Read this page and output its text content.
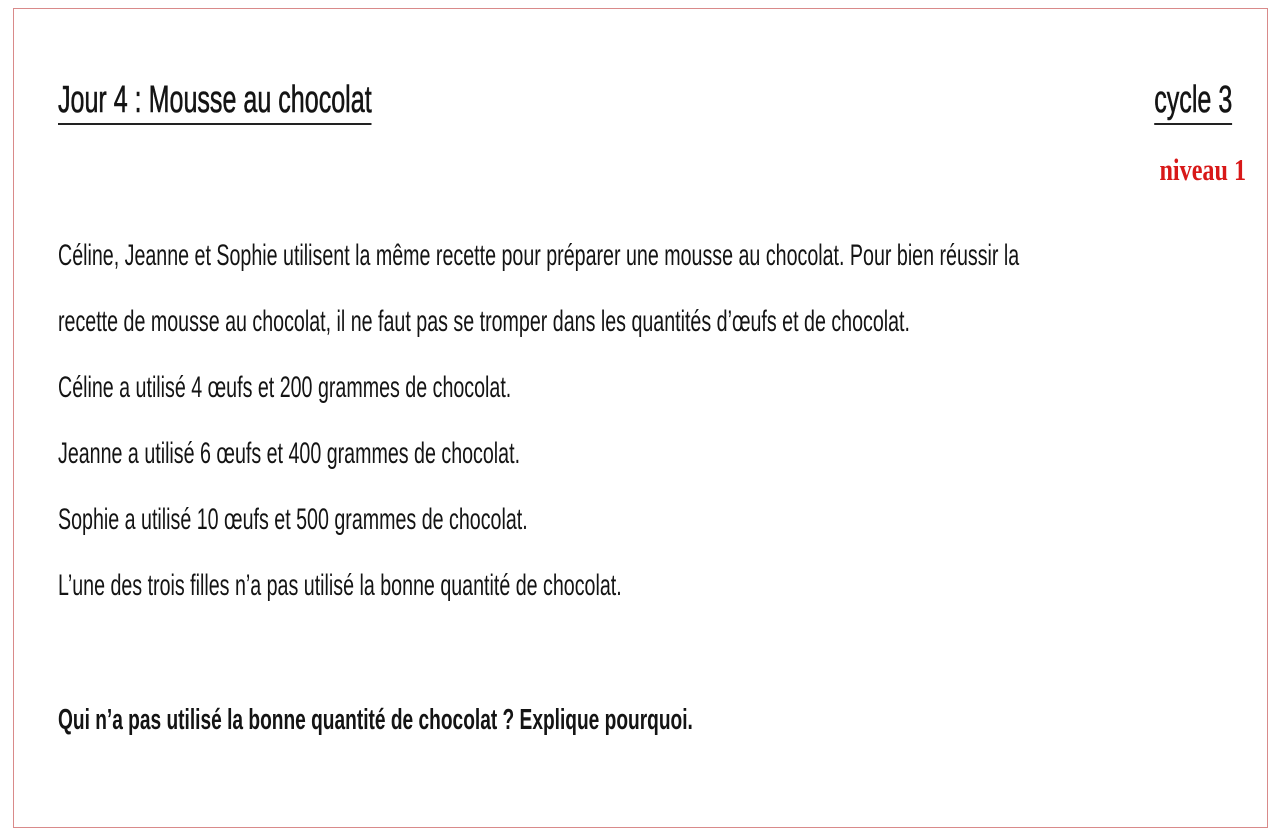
Jour 4 : Mousse au chocolat	cycle 3
niveau 1
Céline, Jeanne et Sophie utilisent la même recette pour préparer une mousse au chocolat. Pour bien réussir la
recette de mousse au chocolat, il ne faut pas se tromper dans les quantités d’œufs et de chocolat.
Céline a utilisé 4 œufs et 200 grammes de chocolat.
Jeanne a utilisé 6 œufs et 400 grammes de chocolat.
Sophie a utilisé 10 œufs et 500 grammes de chocolat.
L’une des trois filles n’a pas utilisé la bonne quantité de chocolat.
Qui n’a pas utilisé la bonne quantité de chocolat ? Explique pourquoi.
